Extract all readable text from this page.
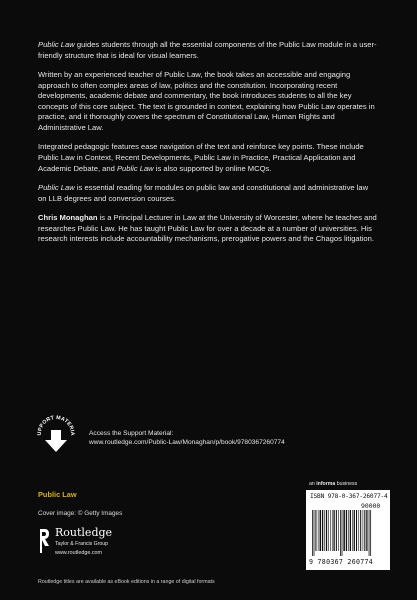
Public Law guides students through all the essential components of the Public Law module in a user-friendly structure that is ideal for visual learners.

Written by an experienced teacher of Public Law, the book takes an accessible and engaging approach to often complex areas of law, politics and the constitution. Incorporating recent developments, academic debate and commentary, the book introduces students to all the key concepts of this core subject. The text is grounded in context, explaining how Public Law operates in practice, and it thoroughly covers the spectrum of Constitutional Law, Human Rights and Administrative Law.

Integrated pedagogic features ease navigation of the text and reinforce key points. These include Public Law in Context, Recent Developments, Public Law in Practice, Practical Application and Academic Debate, and Public Law is also supported by online MCQs.

Public Law is essential reading for modules on public law and constitutional and administrative law on LLB degrees and conversion courses.

Chris Monaghan is a Principal Lecturer in Law at the University of Worcester, where he teaches and researches Public Law. He has taught Public Law for over a decade at a number of universities. His research interests include accountability mechanisms, prerogative powers and the Chagos litigation.

UPPORT MATERIA Access the Support Material:
www.routledge.com/Public-Law/Monaghan/p/book/9780367260774
Public Law
Cover image: © Getty Images
Routledge
Taylor & Francis Group
www.routledge.com
an informa business
ISBN 978-0-367-26077-4
90000
9 780367 260774
Routledge titles are available as eBook editions in a range of digital formats
